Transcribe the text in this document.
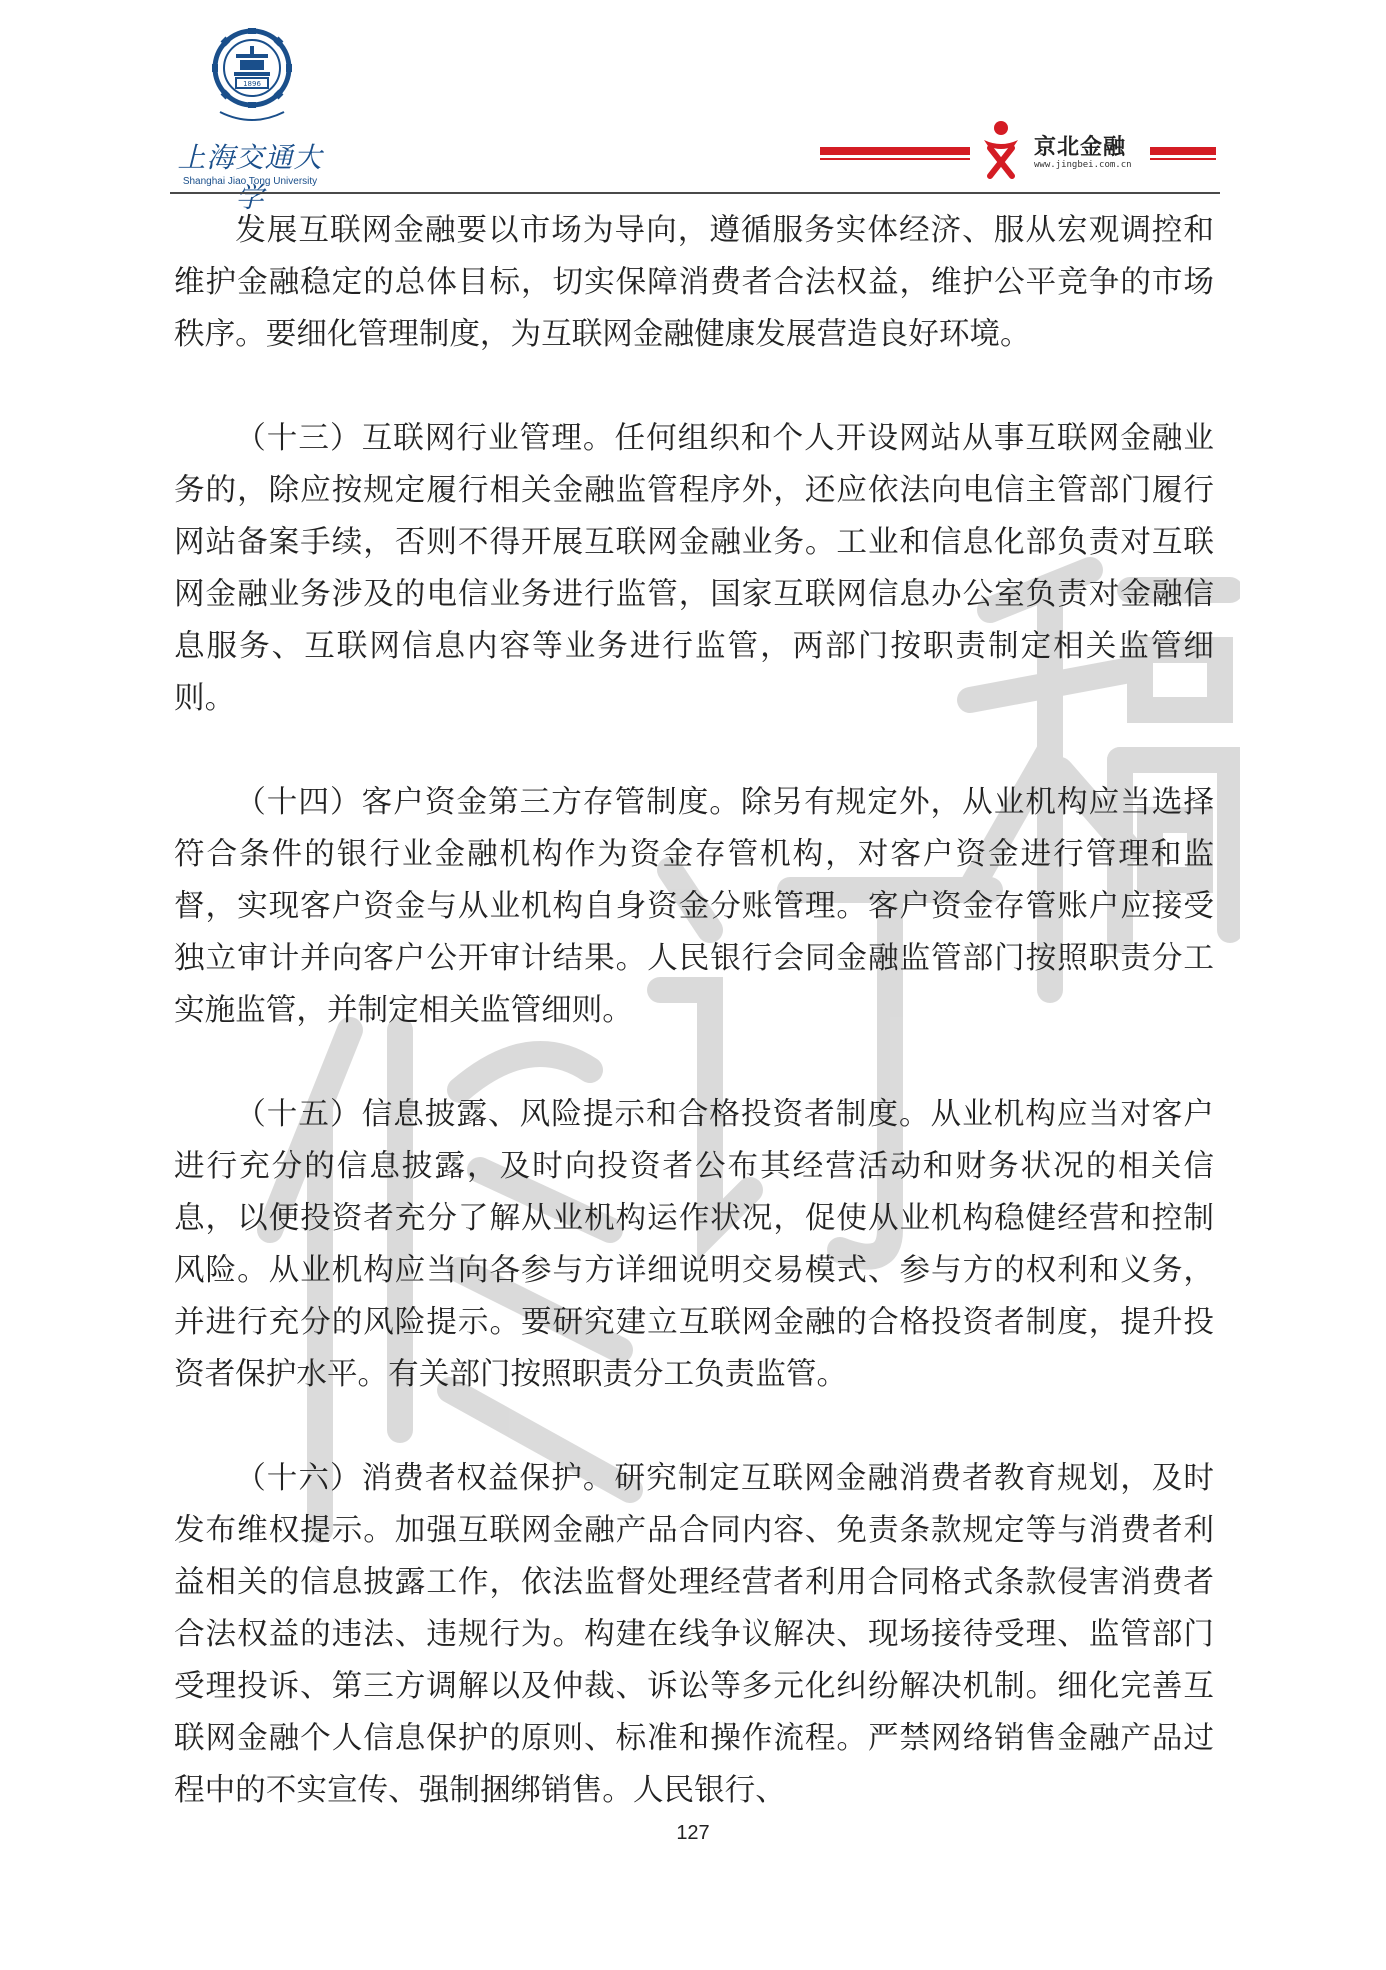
1896
上海交通大学
Shanghai Jiao Tong University
京北金融
www.jingbei.com.cn

发展互联网金融要以市场为导向，遵循服务实体经济、服从宏观调控和维护金融稳定的总体目标，切实保障消费者合法权益，维护公平竞争的市场秩序。要细化管理制度，为互联网金融健康发展营造良好环境。

（十三）互联网行业管理。任何组织和个人开设网站从事互联网金融业务的，除应按规定履行相关金融监管程序外，还应依法向电信主管部门履行网站备案手续，否则不得开展互联网金融业务。工业和信息化部负责对互联网金融业务涉及的电信业务进行监管，国家互联网信息办公室负责对金融信息服务、互联网信息内容等业务进行监管，两部门按职责制定相关监管细则。

（十四）客户资金第三方存管制度。除另有规定外，从业机构应当选择符合条件的银行业金融机构作为资金存管机构，对客户资金进行管理和监督，实现客户资金与从业机构自身资金分账管理。客户资金存管账户应接受独立审计并向客户公开审计结果。人民银行会同金融监管部门按照职责分工实施监管，并制定相关监管细则。

（十五）信息披露、风险提示和合格投资者制度。从业机构应当对客户进行充分的信息披露，及时向投资者公布其经营活动和财务状况的相关信息，以便投资者充分了解从业机构运作状况，促使从业机构稳健经营和控制风险。从业机构应当向各参与方详细说明交易模式、参与方的权利和义务，并进行充分的风险提示。要研究建立互联网金融的合格投资者制度，提升投资者保护水平。有关部门按照职责分工负责监管。

（十六）消费者权益保护。研究制定互联网金融消费者教育规划，及时发布维权提示。加强互联网金融产品合同内容、免责条款规定等与消费者利益相关的信息披露工作，依法监督处理经营者利用合同格式条款侵害消费者合法权益的违法、违规行为。构建在线争议解决、现场接待受理、监管部门受理投诉、第三方调解以及仲裁、诉讼等多元化纠纷解决机制。细化完善互联网金融个人信息保护的原则、标准和操作流程。严禁网络销售金融产品过程中的不实宣传、强制捆绑销售。人民银行、

127
